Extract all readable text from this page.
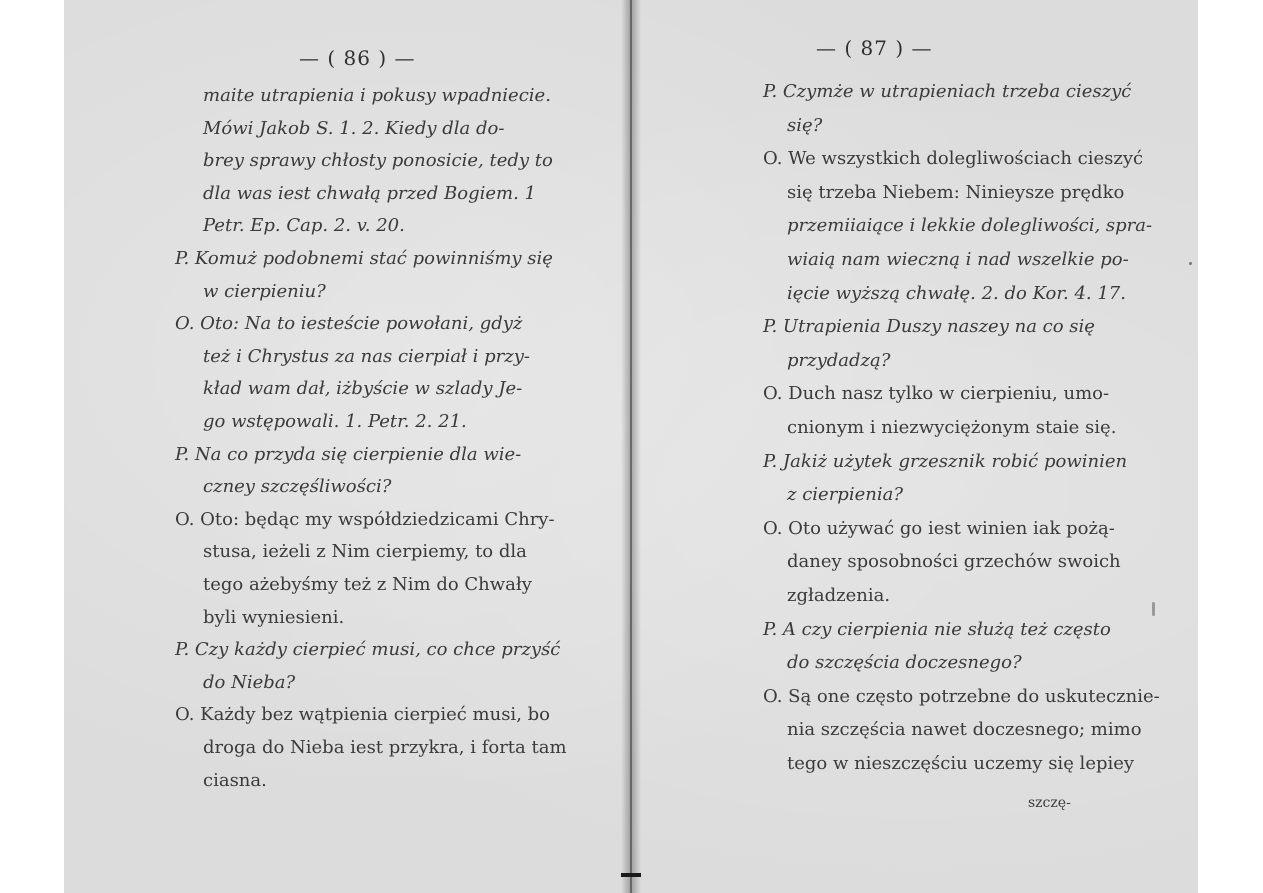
— ( 86 ) —
maite utrapienia i pokusy wpadniecie.
Mówi Jakob S. 1. 2. Kiedy dla do-
brey sprawy chłosty ponosicie, tedy to
dla was iest chwałą przed Bogiem. 1
Petr. Ep. Cap. 2. v. 20.
P. Komuż podobnemi stać powinniśmy się
w cierpieniu?
O. Oto: Na to iesteście powołani, gdyż
też i Chrystus za nas cierpiał i przy-
kład wam dał, iżbyście w szlady Je-
go wstępowali. 1. Petr. 2. 21.
P. Na co przyda się cierpienie dla wie-
czney szczęśliwości?
O. Oto: będąc my współdziedzicami Chry-
stusa, ieżeli z Nim cierpiemy, to dla
tego ażebyśmy też z Nim do Chwały
byli wyniesieni.
P. Czy każdy cierpieć musi, co chce przyść
do Nieba?
O. Każdy bez wątpienia cierpieć musi, bo
droga do Nieba iest przykra, i forta tam
ciasna.
— ( 87 ) —
P. Czymże w utrapieniach trzeba cieszyć
się?
O. We wszystkich dolegliwościach cieszyć
się trzeba Niebem: Ninieysze prędko
przemiiaiące i lekkie dolegliwości, spra-
wiaią nam wieczną i nad wszelkie po-
ięcie wyższą chwałę. 2. do Kor. 4. 17.
P. Utrapienia Duszy naszey na co się
przydadzą?
O. Duch nasz tylko w cierpieniu, umo-
cnionym i niezwyciężonym staie się.
P. Jakiż użytek grzesznik robić powinien
z cierpienia?
O. Oto używać go iest winien iak pożą-
daney sposobności grzechów swoich
zgładzenia.
P. A czy cierpienia nie służą też często
do szczęścia doczesnego?
O. Są one często potrzebne do uskutecznie-
nia szczęścia nawet doczesnego; mimo
tego w nieszczęściu uczemy się lepiey
szczę-
